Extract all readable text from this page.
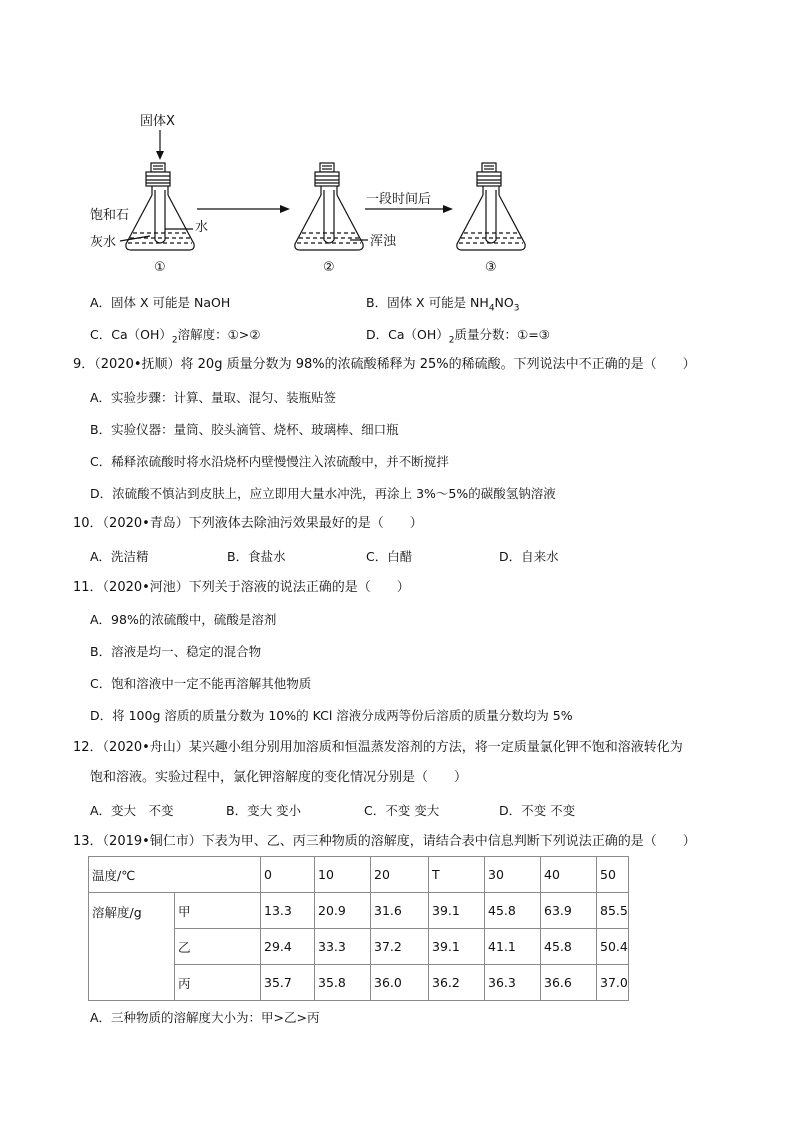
固体X
饱和石
灰水
水
浑浊
一段时间后
①	②	③
A．固体 X 可能是 NaOH	B．固体 X 可能是 $NH_4NO_3$
C．$Ca(OH)_2$溶解度：①>②	D．$Ca(OH)_2$质量分数：①=③
9．（2020•抚顺）将 20g 质量分数为 98%的浓硫酸稀释为 25%的稀硫酸。下列说法中不正确的是（　　）
A．实验步骤：计算、量取、混匀、装瓶贴签
B．实验仪器：量筒、胶头滴管、烧杯、玻璃棒、细口瓶
C．稀释浓硫酸时将水沿烧杯内壁慢慢注入浓硫酸中，并不断搅拌
D．浓硫酸不慎沾到皮肤上，应立即用大量水冲洗，再涂上 3%～5%的碳酸氢钠溶液
10．（2020•青岛）下列液体去除油污效果最好的是（　　）
A．洗洁精	B．食盐水	C．白醋	D．自来水
11．（2020•河池）下列关于溶液的说法正确的是（　　）
A．98%的浓硫酸中，硫酸是溶剂
B．溶液是均一、稳定的混合物
C．饱和溶液中一定不能再溶解其他物质
D．将 100g 溶质的质量分数为 10%的 KCl 溶液分成两等份后溶质的质量分数均为 5%
12．（2020•舟山）某兴趣小组分别用加溶质和恒温蒸发溶剂的方法，将一定质量氯化钾不饱和溶液转化为
饱和溶液。实验过程中，氯化钾溶解度的变化情况分别是（　　）
A．变大　不变	B．变大 变小	C．不变 变大	D．不变 不变
13．（2019•铜仁市）下表为甲、乙、丙三种物质的溶解度，请结合表中信息判断下列说法正确的是（　　）
温度/℃		0	10	20	T	30	40	50
溶解度/g	甲	13.3	20.9	31.6	39.1	45.8	63.9	85.5
	乙	29.4	33.3	37.2	39.1	41.1	45.8	50.4
	丙	35.7	35.8	36.0	36.2	36.3	36.6	37.0
A．三种物质的溶解度大小为：甲>乙>丙
